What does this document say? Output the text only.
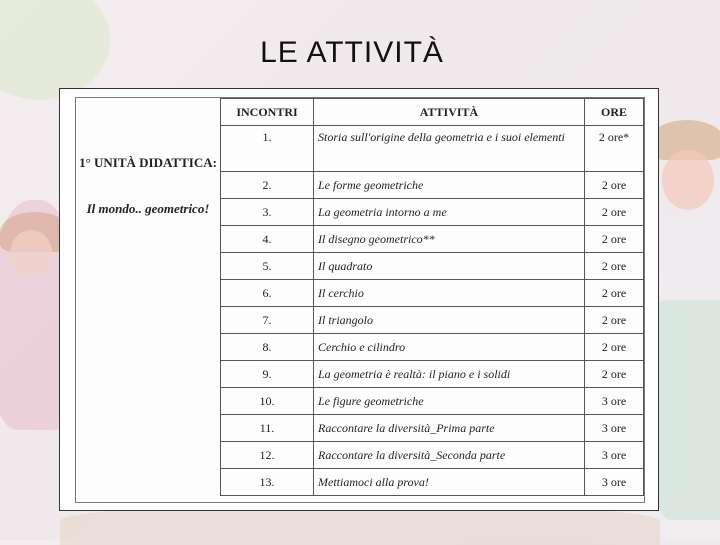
LE ATTIVITÀ
1° UNITÀ DIDATTICA:
Il mondo.. geometrico!
INCONTRI	ATTIVITÀ	ORE
1.	Storia sull'origine della geometria e i suoi elementi	2 ore*
2.	Le forme geometriche	2 ore
3.	La geometria intorno a me	2 ore
4.	Il disegno geometrico**	2 ore
5.	Il quadrato	2 ore
6.	Il cerchio	2 ore
7.	Il triangolo	2 ore
8.	Cerchio e cilindro	2 ore
9.	La geometria è realtà: il piano e i solidi	2 ore
10.	Le figure geometriche	3 ore
11.	Raccontare la diversità_Prima parte	3 ore
12.	Raccontare la diversità_Seconda parte	3 ore
13.	Mettiamoci alla prova!	3 ore
